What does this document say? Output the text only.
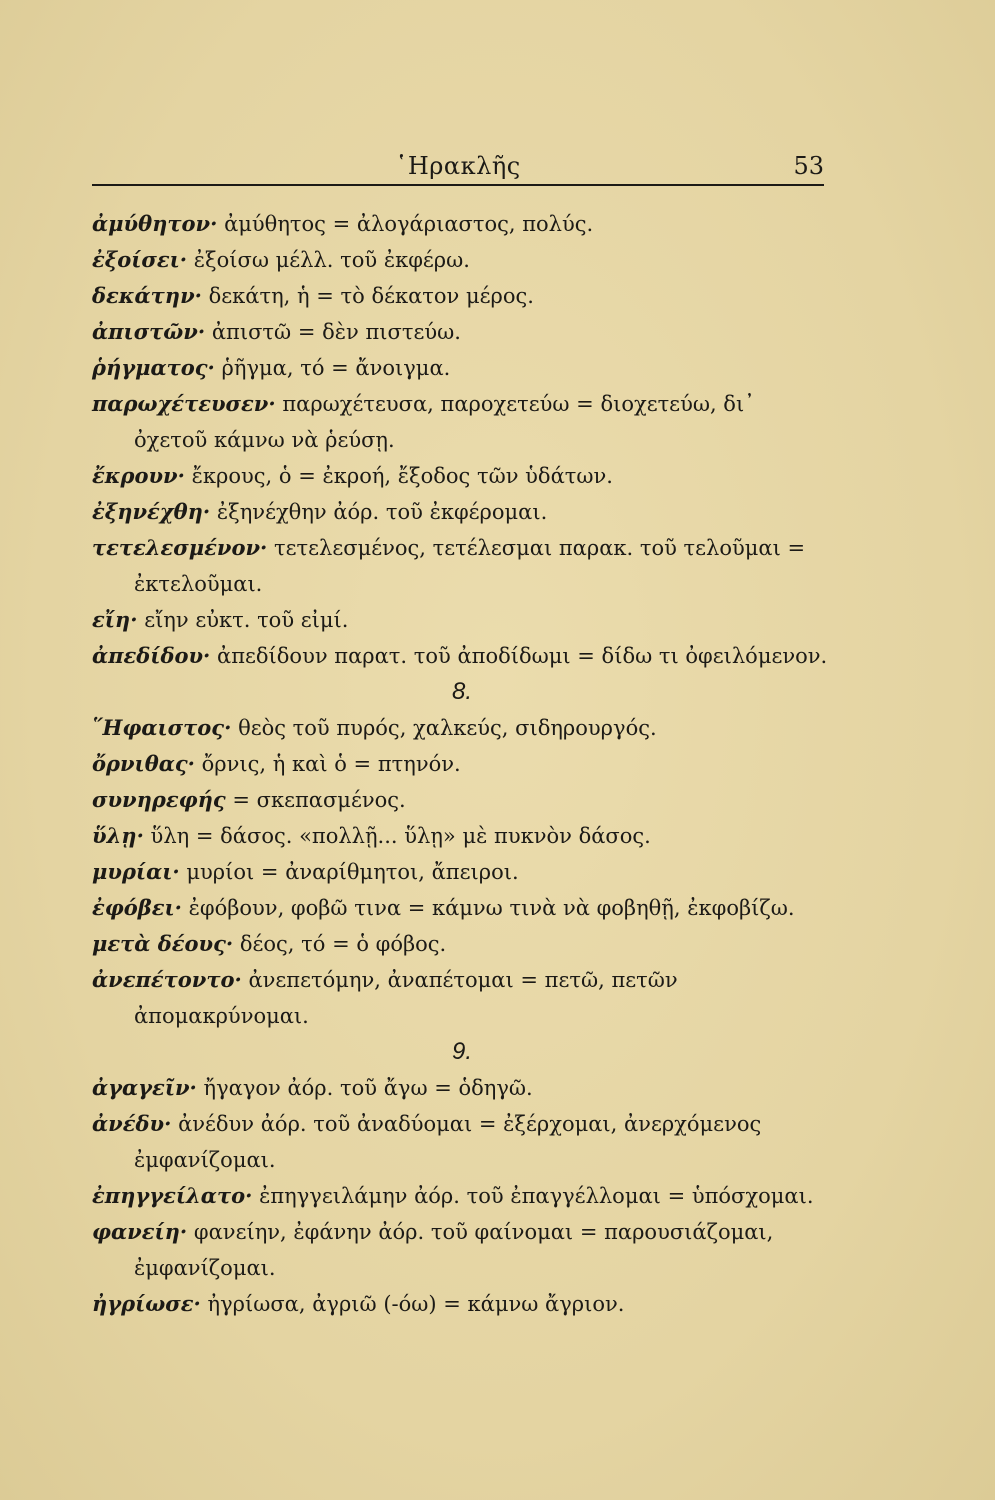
῾Ηρακλῆς	53
ἀμύθητον· ἀμύθητος = ἀλογάριαστος, πολύς.
ἐξοίσει· ἐξοίσω μέλλ. τοῦ ἐκφέρω.
δεκάτην· δεκάτη, ἡ = τὸ δέκατον μέρος.
ἀπιστῶν· ἀπιστῶ = δὲν πιστεύω.
ῥήγματος· ῥῆγμα, τό = ἄνοιγμα.
παρωχέτευσεν· παρωχέτευσα, παροχετεύω = διοχετεύω, δι᾿ ὀχετοῦ κάμνω νὰ ῥεύσῃ.
ἔκρουν· ἔκρους, ὁ = ἐκροή, ἔξοδος τῶν ὑδάτων.
ἐξηνέχθη· ἐξηνέχθην ἀόρ. τοῦ ἐκφέρομαι.
τετελεσμένον· τετελεσμένος, τετέλεσμαι παρακ. τοῦ τελοῦμαι = ἐκτελοῦμαι.
εἴη· εἴην εὐκτ. τοῦ εἰμί.
ἀπεδίδου· ἀπεδίδουν παρατ. τοῦ ἀποδίδωμι = δίδω τι ὀφειλόμενον.
8.
῞Ηφαιστος· θεὸς τοῦ πυρός, χαλκεύς, σιδηρουργός.
ὄρνιθας· ὄρνις, ἡ καὶ ὁ = πτηνόν.
συνηρεφής = σκεπασμένος.
ὕλῃ· ὕλη = δάσος. «πολλῇ... ὕλῃ» μὲ πυκνὸν δάσος.
μυρίαι· μυρίοι = ἀναρίθμητοι, ἄπειροι.
ἐφόβει· ἐφόβουν, φοβῶ τινα = κάμνω τινὰ νὰ φοβηθῇ, ἐκφοβίζω.
μετὰ δέους· δέος, τό = ὁ φόβος.
ἀνεπέτοντο· ἀνεπετόμην, ἀναπέτομαι = πετῶ, πετῶν ἀπομακρύνομαι.
9.
ἀγαγεῖν· ἤγαγον ἀόρ. τοῦ ἄγω = ὁδηγῶ.
ἀνέδυ· ἀνέδυν ἀόρ. τοῦ ἀναδύομαι = ἐξέρχομαι, ἀνερχόμενος ἐμφανίζομαι.
ἐπηγγείλατο· ἐπηγγειλάμην ἀόρ. τοῦ ἐπαγγέλλομαι = ὑπόσχομαι.
φανείη· φανείην, ἐφάνην ἀόρ. τοῦ φαίνομαι = παρουσιάζομαι, ἐμφανίζομαι.
ἠγρίωσε· ἠγρίωσα, ἀγριῶ (-όω) = κάμνω ἄγριον.
